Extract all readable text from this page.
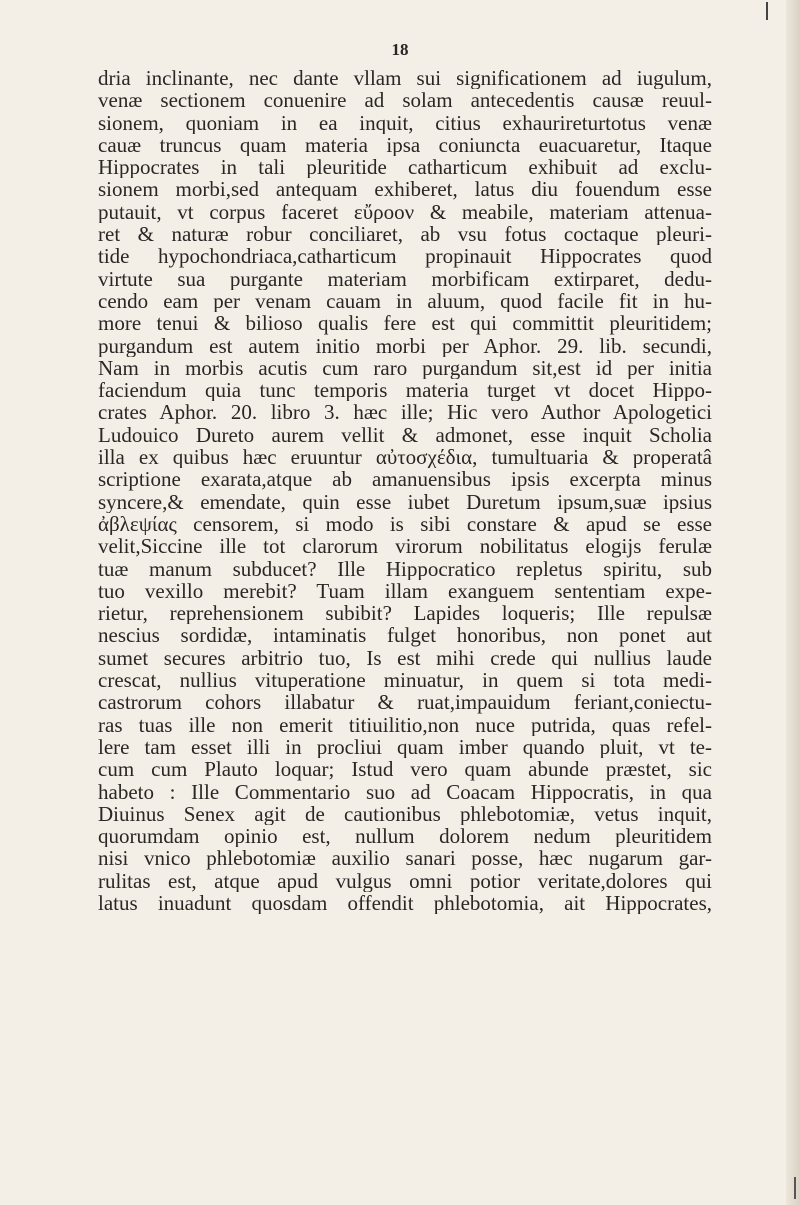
18
dria inclinante, nec dante vllam sui significationem ad iugulum,
venæ sectionem conuenire ad solam antecedentis causæ reuul-
sionem, quoniam in ea inquit, citius exhaurireturtotus venæ
cauæ truncus quam materia ipsa coniuncta euacuaretur, Itaque
Hippocrates in tali pleuritide catharticum exhibuit ad exclu-
sionem morbi,sed antequam exhiberet, latus diu fouendum esse
putauit, vt corpus faceret εὔροον & meabile, materiam attenua-
ret & naturæ robur conciliaret, ab vsu fotus coctaque pleuri-
tide hypochondriaca,catharticum propinauit Hippocrates quod
virtute sua purgante materiam morbificam extirparet, dedu-
cendo eam per venam cauam in aluum, quod facile fit in hu-
more tenui & bilioso qualis fere est qui committit pleuritidem;
purgandum est autem initio morbi per Aphor. 29. lib. secundi,
Nam in morbis acutis cum raro purgandum sit,est id per initia
faciendum quia tunc temporis materia turget vt docet Hippo-
crates Aphor. 20. libro 3. hæc ille; Hic vero Author Apologetici
Ludouico Dureto aurem vellit & admonet, esse inquit Scholia
illa ex quibus hæc eruuntur αὐτοσχέδια, tumultuaria & properatâ
scriptione exarata,atque ab amanuensibus ipsis excerpta minus
syncere,& emendate, quin esse iubet Duretum ipsum,suæ ipsius
ἀβλεψίας censorem, si modo is sibi constare & apud se esse
velit,Siccine ille tot clarorum virorum nobilitatus elogijs ferulæ
tuæ manum subducet? Ille Hippocratico repletus spiritu, sub
tuo vexillo merebit? Tuam illam exanguem sententiam expe-
rietur, reprehensionem subibit? Lapides loqueris; Ille repulsæ
nescius sordidæ, intaminatis fulget honoribus, non ponet aut
sumet secures arbitrio tuo, Is est mihi crede qui nullius laude
crescat, nullius vituperatione minuatur, in quem si tota medi-
castrorum cohors illabatur & ruat,impauidum feriant,coniectu-
ras tuas ille non emerit titiuilitio,non nuce putrida, quas refel-
lere tam esset illi in procliui quam imber quando pluit, vt te-
cum cum Plauto loquar; Istud vero quam abunde præstet, sic
habeto : Ille Commentario suo ad Coacam Hippocratis, in qua
Diuinus Senex agit de cautionibus phlebotomiæ, vetus inquit,
quorumdam opinio est, nullum dolorem nedum pleuritidem
nisi vnico phlebotomiæ auxilio sanari posse, hæc nugarum gar-
rulitas est, atque apud vulgus omni potior veritate,dolores qui
latus inuadunt quosdam offendit phlebotomia, ait Hippocrates,
